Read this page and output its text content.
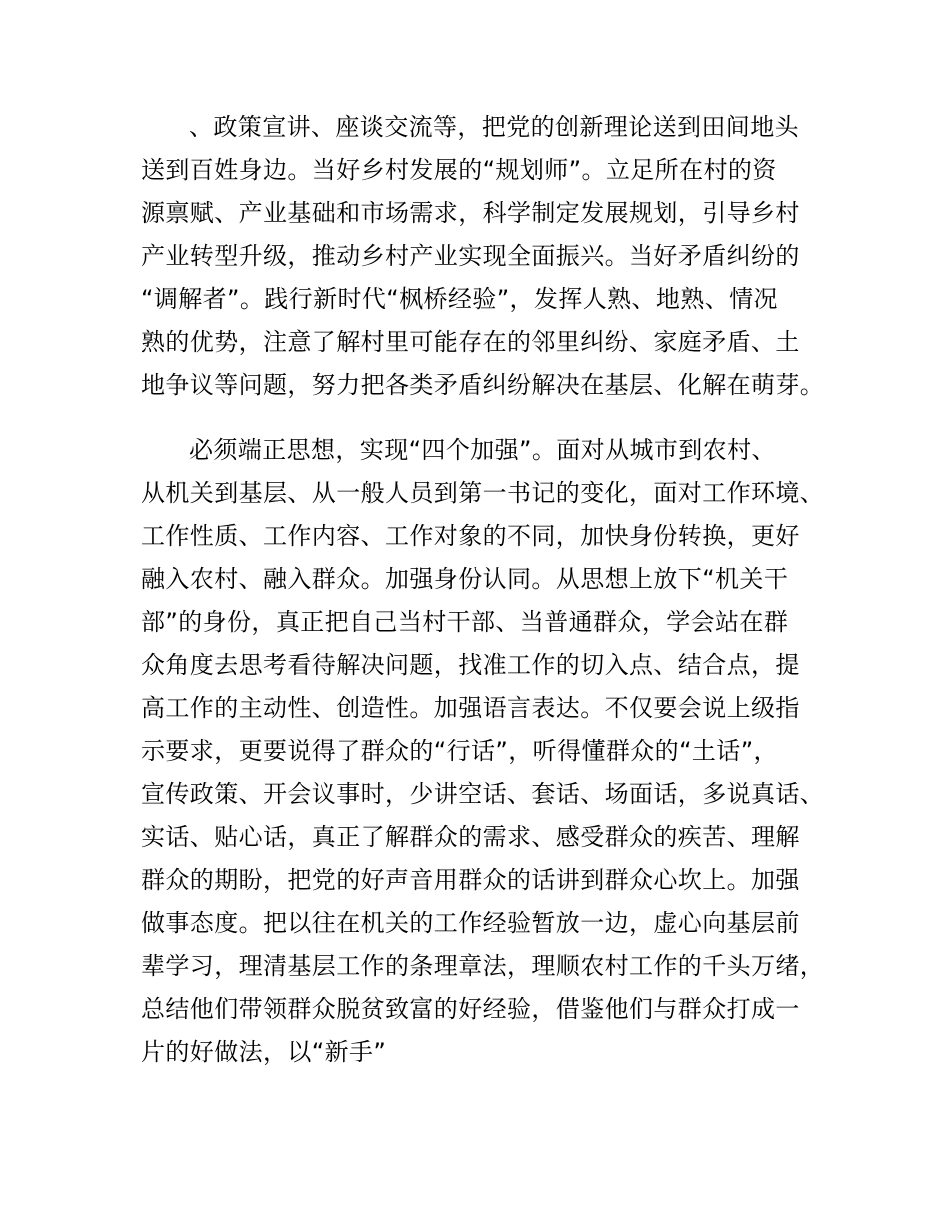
、政策宣讲、座谈交流等，把党的创新理论送到田间地头
送到百姓身边。当好乡村发展的“规划师”。立足所在村的资
源禀赋、产业基础和市场需求，科学制定发展规划，引导乡村
产业转型升级，推动乡村产业实现全面振兴。当好矛盾纠纷的
“调解者”。践行新时代“枫桥经验”，发挥人熟、地熟、情况
熟的优势，注意了解村里可能存在的邻里纠纷、家庭矛盾、土
地争议等问题，努力把各类矛盾纠纷解决在基层、化解在萌芽。
必须端正思想，实现“四个加强”。面对从城市到农村、
从机关到基层、从一般人员到第一书记的变化，面对工作环境、
工作性质、工作内容、工作对象的不同，加快身份转换，更好
融入农村、融入群众。加强身份认同。从思想上放下“机关干
部”的身份，真正把自己当村干部、当普通群众，学会站在群
众角度去思考看待解决问题，找准工作的切入点、结合点，提
高工作的主动性、创造性。加强语言表达。不仅要会说上级指
示要求，更要说得了群众的“行话”，听得懂群众的“土话”，
宣传政策、开会议事时，少讲空话、套话、场面话，多说真话、
实话、贴心话，真正了解群众的需求、感受群众的疾苦、理解
群众的期盼，把党的好声音用群众的话讲到群众心坎上。加强
做事态度。把以往在机关的工作经验暂放一边，虚心向基层前
辈学习，理清基层工作的条理章法，理顺农村工作的千头万绪，
总结他们带领群众脱贫致富的好经验，借鉴他们与群众打成一
片的好做法，以“新手”
